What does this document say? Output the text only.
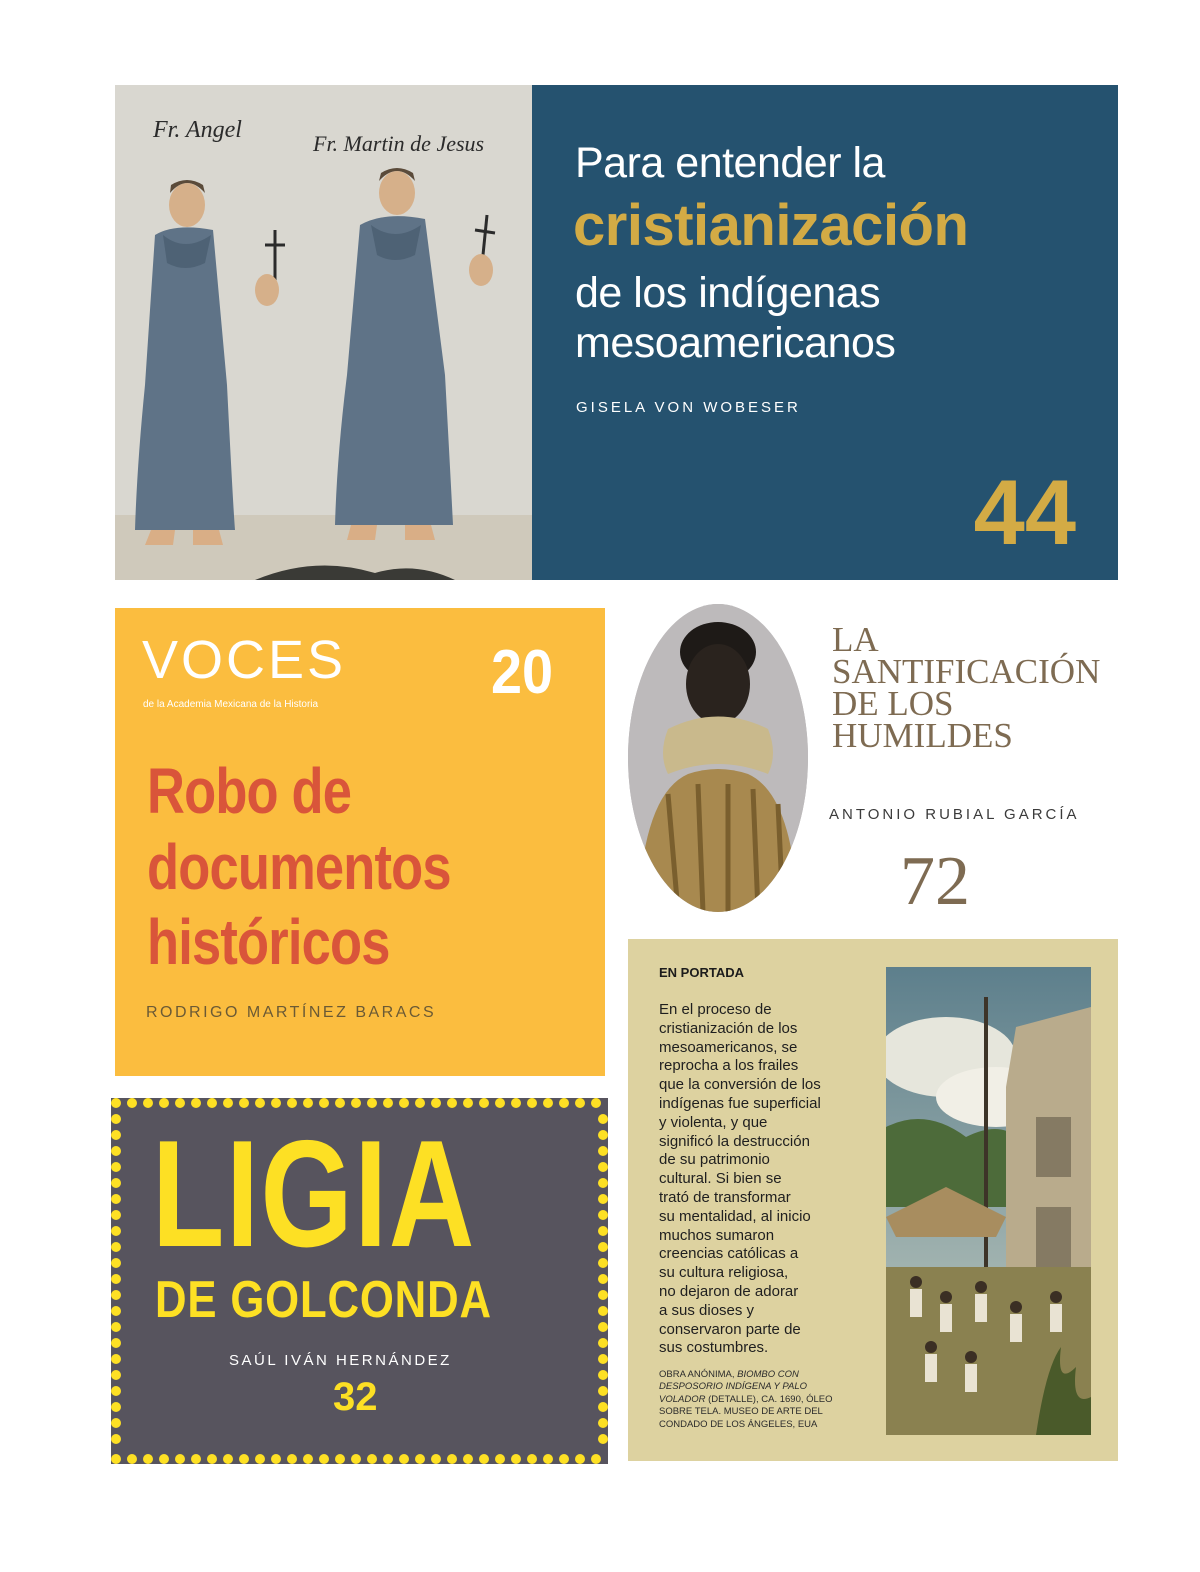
Fr. Angel
Fr. Martin de Jesus Para entender la
cristianización
de los indígenas
mesoamericanos
GISELA VON WOBESER
44
VOCES
de la Academia Mexicana de la Historia	20
Robo de
documentos
históricos
RODRIGO MARTÍNEZ BARACS
LA
SANTIFICACIÓN
DE LOS
HUMILDES
ANTONIO RUBIAL GARCÍA
72
LIGIA
DE GOLCONDA
SAÚL IVÁN HERNÁNDEZ
32
EN PORTADA
En el proceso de
cristianización de los
mesoamericanos, se
reprocha a los frailes
que la conversión de los
indígenas fue superficial
y violenta, y que
significó la destrucción
de su patrimonio
cultural. Si bien se
trató de transformar
su mentalidad, al inicio
muchos sumaron
creencias católicas a
su cultura religiosa,
no dejaron de adorar
a sus dioses y
conservaron parte de
sus costumbres.
OBRA ANÓNIMA, BIOMBO CON
DESPOSORIO INDÍGENA Y PALO
VOLADOR (DETALLE), CA. 1690, ÓLEO
SOBRE TELA. MUSEO DE ARTE DEL
CONDADO DE LOS ÁNGELES, EUA
